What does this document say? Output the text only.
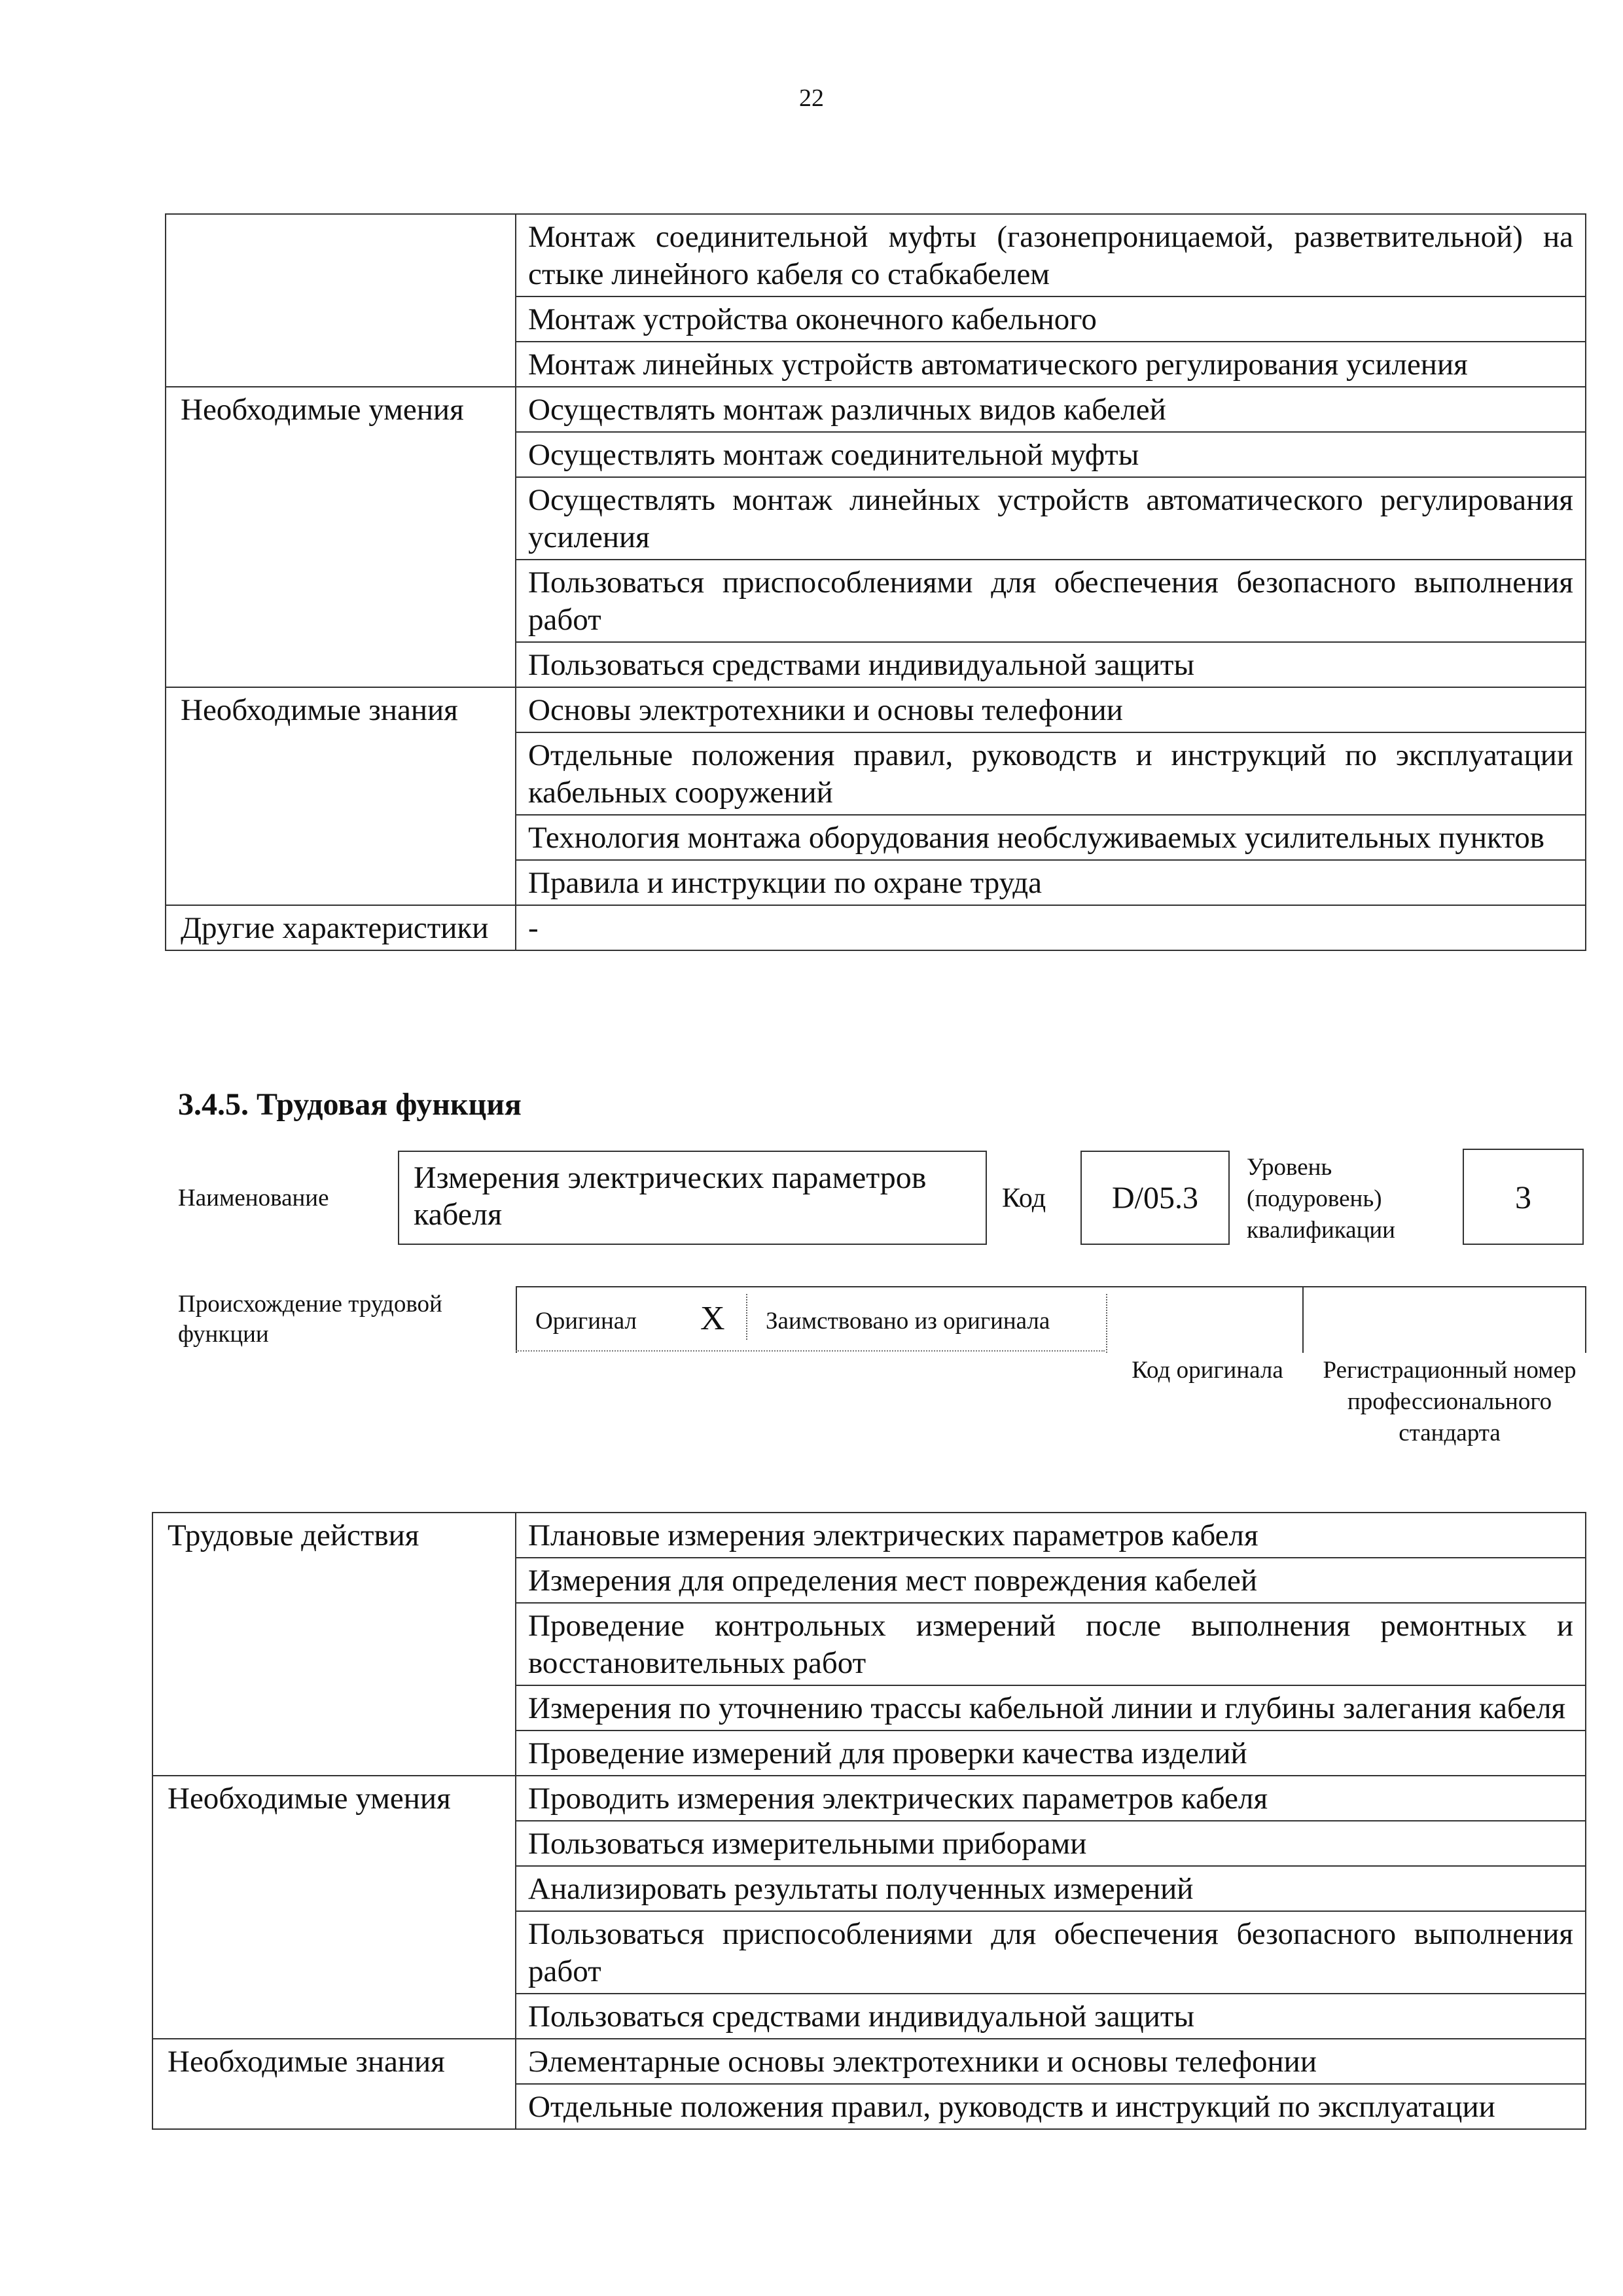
22
	Монтаж соединительной муфты (газонепроницаемой, разветвительной) на стыке линейного кабеля со стабкабелем
	Монтаж устройства оконечного кабельного
	Монтаж линейных устройств автоматического регулирования усиления
Необходимые умения	Осуществлять монтаж различных видов кабелей
	Осуществлять монтаж соединительной муфты
	Осуществлять монтаж линейных устройств автоматического регулирования усиления
	Пользоваться приспособлениями для обеспечения безопасного выполнения работ
	Пользоваться средствами индивидуальной защиты
Необходимые знания	Основы электротехники и основы телефонии
	Отдельные положения правил, руководств и инструкций по эксплуатации кабельных сооружений
	Технология монтажа оборудования необслуживаемых усилительных пунктов
	Правила и инструкции по охране труда
Другие характеристики	-
3.4.5. Трудовая функция
Наименование
Измерения электрических параметров кабеля	Код	D/05.3
Уровень (подуровень) квалификации
3
Происхождение трудовой функции	Оригинал X Заимствовано из оригинала
Код оригинала	Регистрационный номер профессионального стандарта
Трудовые действия	Плановые измерения электрических параметров кабеля
	Измерения для определения мест повреждения кабелей
	Проведение контрольных измерений после выполнения ремонтных и восстановительных работ
	Измерения по уточнению трассы кабельной линии и глубины залегания кабеля
	Проведение измерений для проверки качества изделий
Необходимые умения	Проводить измерения электрических параметров кабеля
	Пользоваться измерительными приборами
	Анализировать результаты полученных измерений
	Пользоваться приспособлениями для обеспечения безопасного выполнения работ
	Пользоваться средствами индивидуальной защиты
Необходимые знания	Элементарные основы электротехники и основы телефонии
	Отдельные положения правил, руководств и инструкций по эксплуатации
